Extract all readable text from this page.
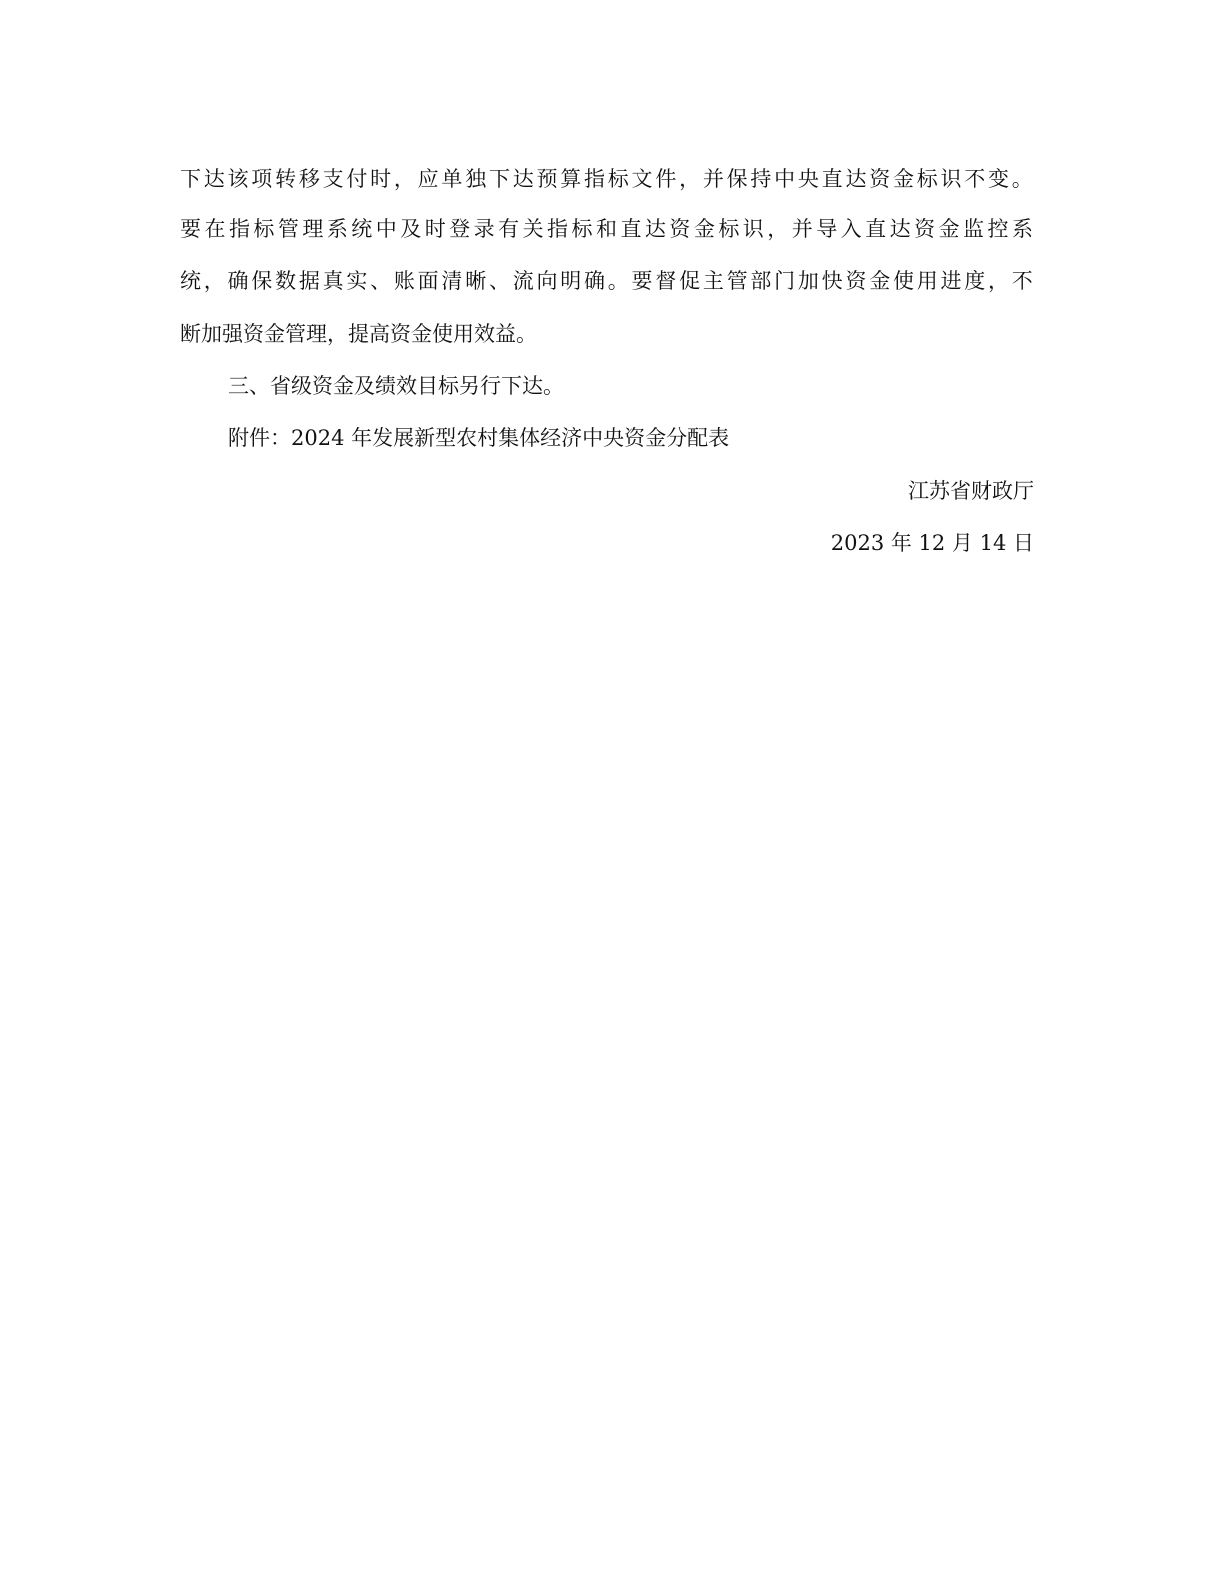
下 达 该 项 转 移 支 付 时 ， 应 单 独 下 达 预 算 指 标 文 件 ， 并 保 持 中 央 直 达 资 金 标 识 不 变 。
要 在 指 标 管 理 系 统 中 及 时 登 录 有 关 指 标 和 直 达 资 金 标 识 ， 并 导 入 直 达 资 金 监 控 系
统 ， 确 保 数 据 真 实 、 账 面 清 晰 、 流 向 明 确 。 要 督 促 主 管 部 门 加 快 资 金 使 用 进 度 ， 不
断加强资金管理，提高资金使用效益。
三、省级资金及绩效目标另行下达。
附件：2024 年发展新型农村集体经济中央资金分配表
江苏省财政厅
2023 年 12 月 14 日
